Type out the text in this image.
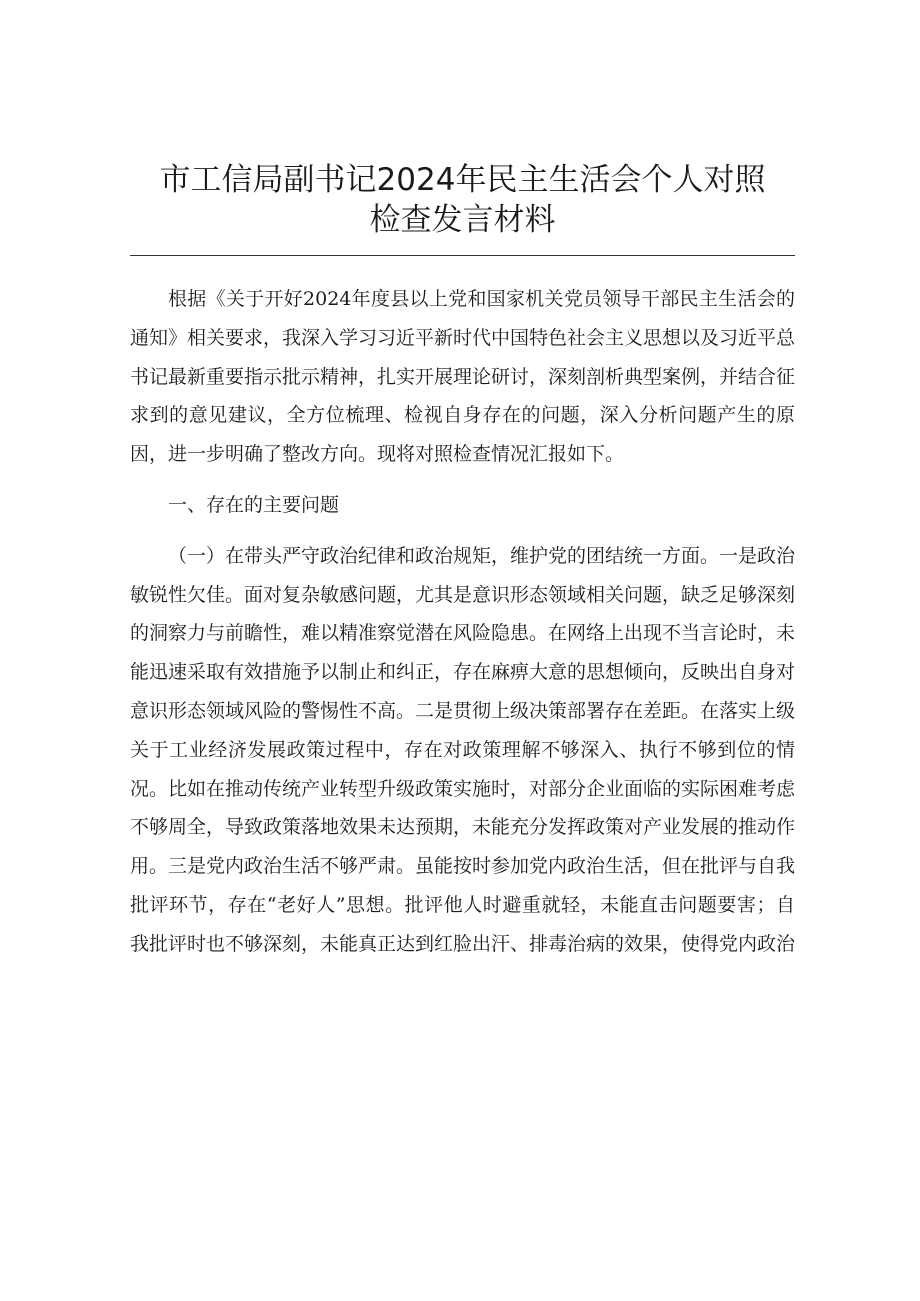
市工信局副书记2024年民主生活会个人对照
检查发言材料

根据《关于开好2024年度县以上党和国家机关党员领导干部民主生活会的通知》相关要求，我深入学习习近平新时代中国特色社会主义思想以及习近平总书记最新重要指示批示精神，扎实开展理论研讨，深刻剖析典型案例，并结合征求到的意见建议，全方位梳理、检视自身存在的问题，深入分析问题产生的原因，进一步明确了整改方向。现将对照检查情况汇报如下。

一、存在的主要问题

（一）在带头严守政治纪律和政治规矩，维护党的团结统一方面。一是政治敏锐性欠佳。面对复杂敏感问题，尤其是意识形态领域相关问题，缺乏足够深刻的洞察力与前瞻性，难以精准察觉潜在风险隐患。在网络上出现不当言论时，未能迅速采取有效措施予以制止和纠正，存在麻痹大意的思想倾向，反映出自身对意识形态领域风险的警惕性不高。二是贯彻上级决策部署存在差距。在落实上级关于工业经济发展政策过程中，存在对政策理解不够深入、执行不够到位的情况。比如在推动传统产业转型升级政策实施时，对部分企业面临的实际困难考虑不够周全，导致政策落地效果未达预期，未能充分发挥政策对产业发展的推动作用。三是党内政治生活不够严肃。虽能按时参加党内政治生活，但在批评与自我批评环节，存在“老好人”思想。批评他人时避重就轻，未能直击问题要害；自我批评时也不够深刻，未能真正达到红脸出汗、排毒治病的效果，使得党内政治
